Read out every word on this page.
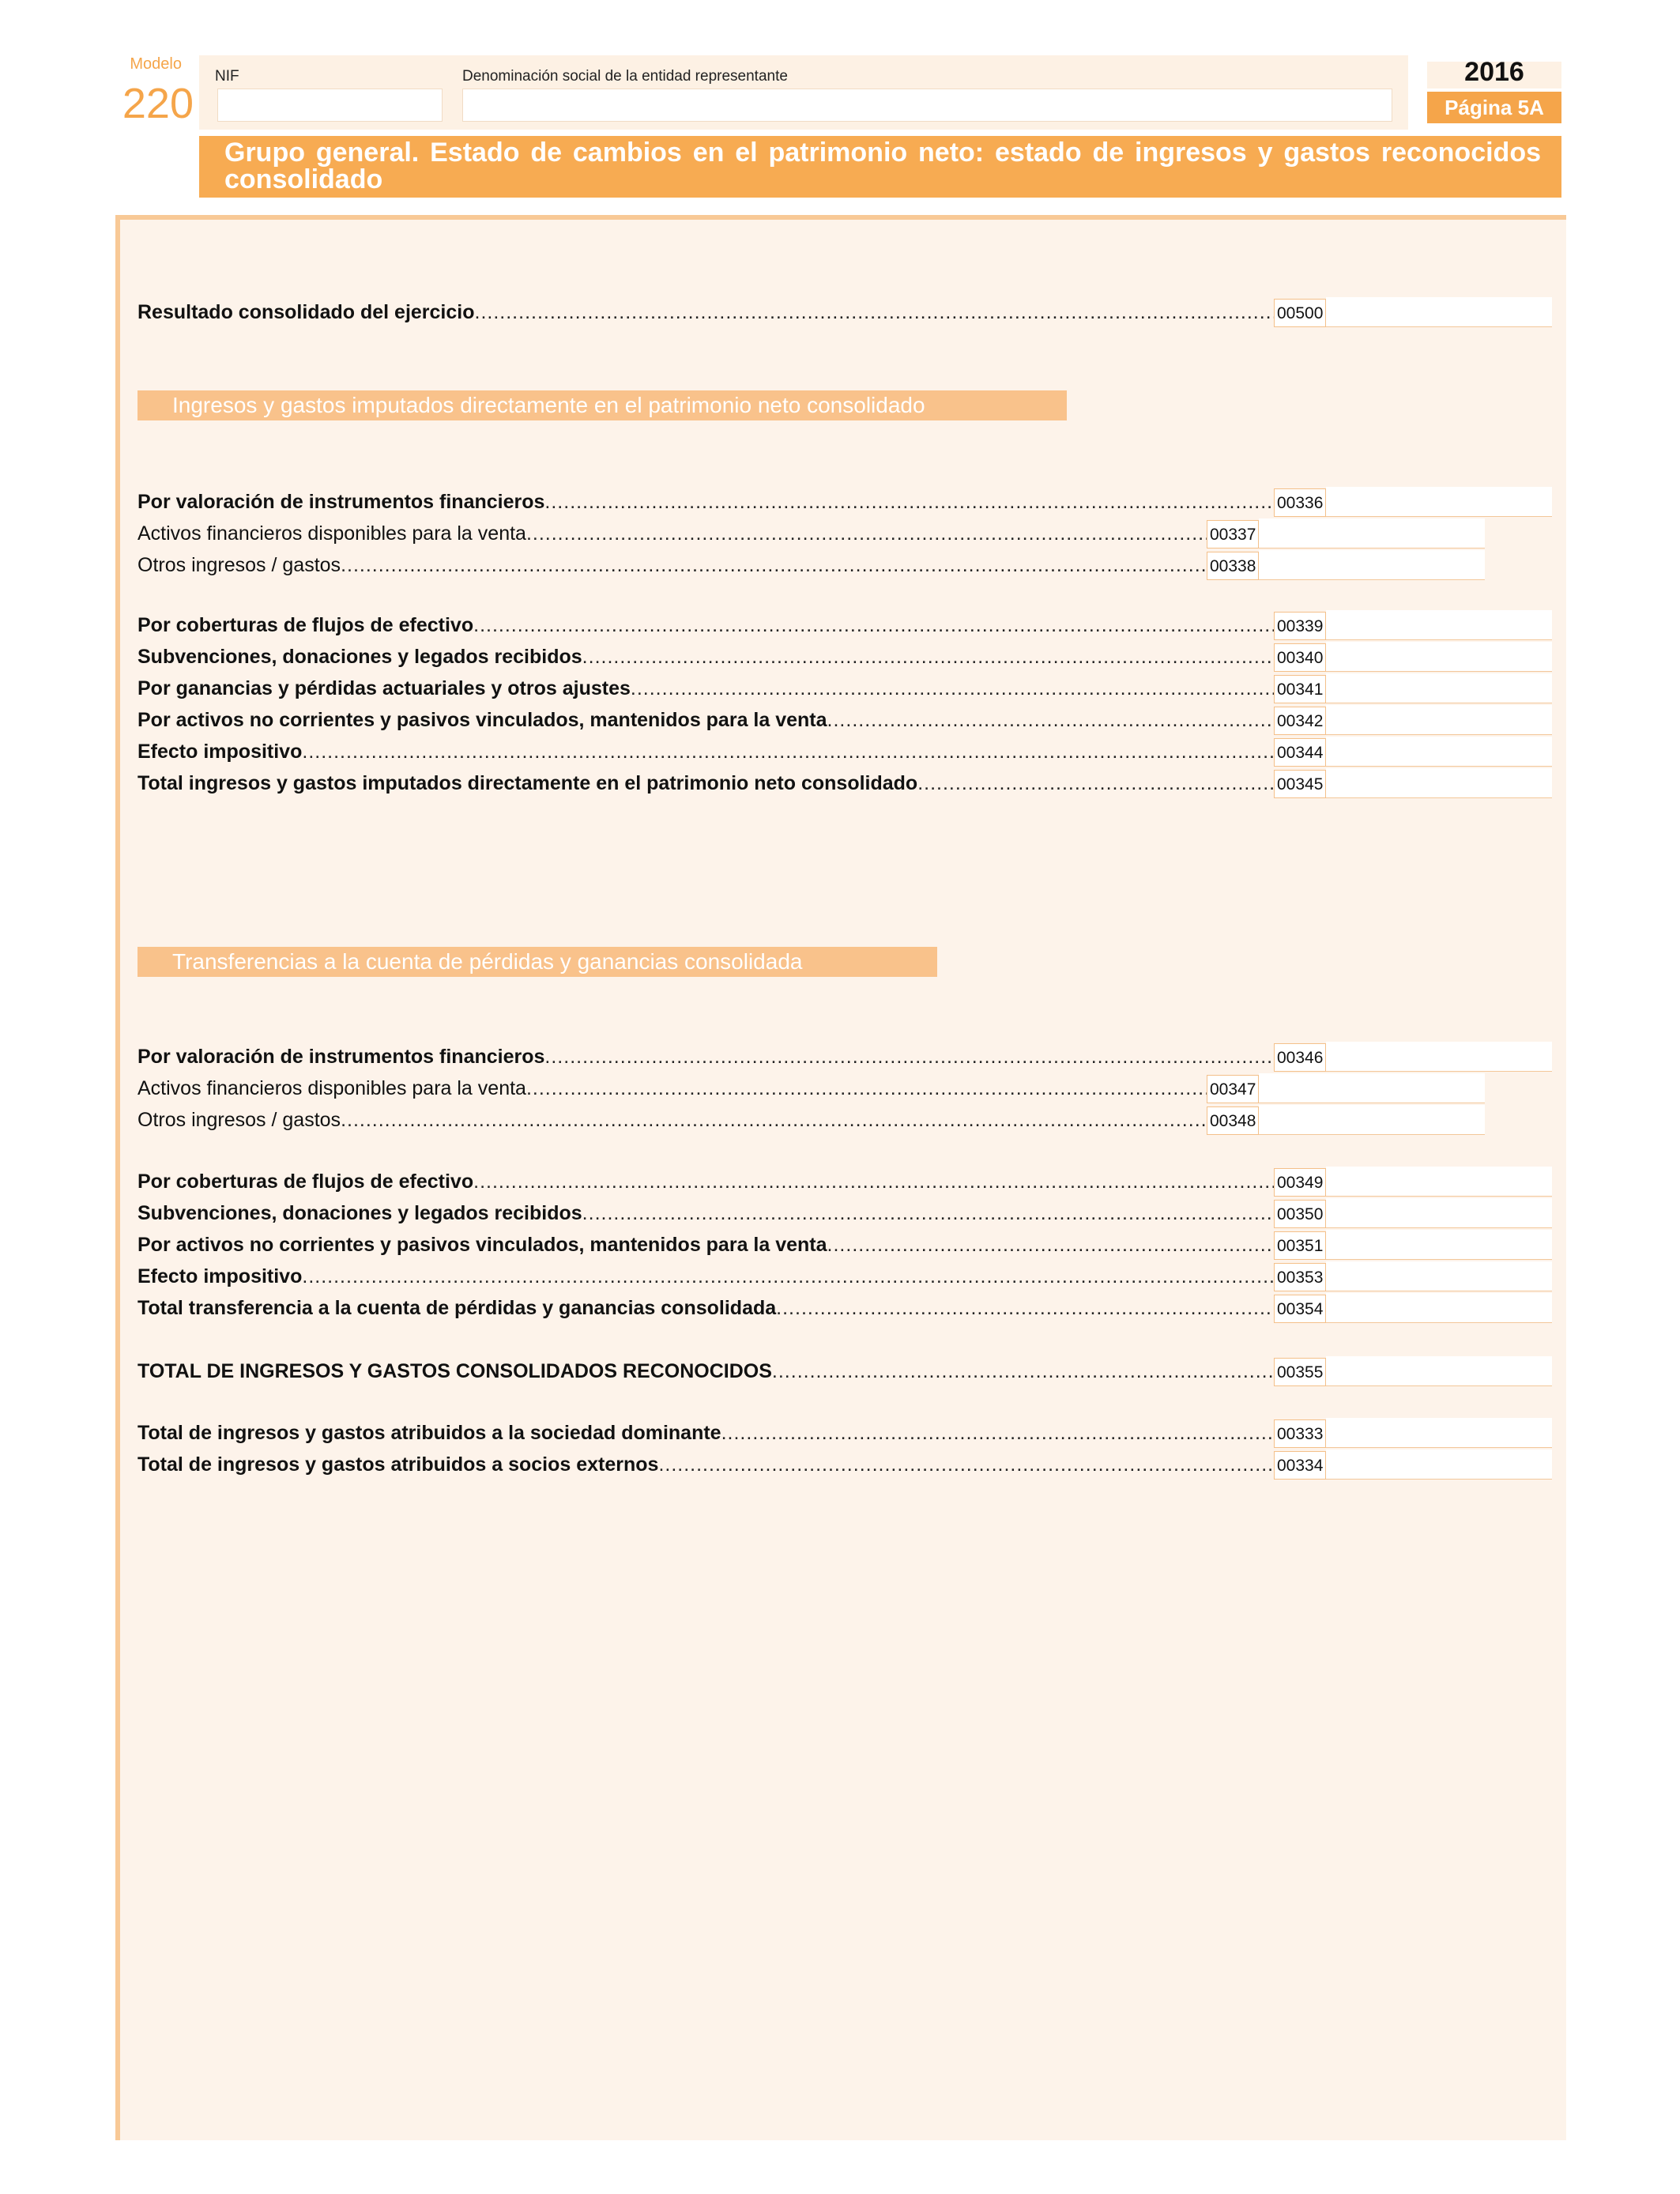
Modelo
220
NIF	Denominación social de la entidad representante	2016
Página 5A
Grupo general. Estado de cambios en el patrimonio neto: estado de ingresos y gastos reconocidos consolidado
Resultado consolidado del ejercicio .....	00500
Ingresos y gastos imputados directamente en el patrimonio neto consolidado
Por valoración de instrumentos financieros .....	00336
Activos financieros disponibles para la venta .....	00337
Otros ingresos / gastos .....	00338
Por coberturas de flujos de efectivo .....	00339
Subvenciones, donaciones y legados recibidos .....	00340
Por ganancias y pérdidas actuariales y otros ajustes .....	00341
Por activos no corrientes y pasivos vinculados, mantenidos para la venta .....	00342
Efecto impositivo .....	00344
Total ingresos y gastos imputados directamente en el patrimonio neto consolidado .....	00345
Transferencias a la cuenta de pérdidas y ganancias consolidada
Por valoración de instrumentos financieros .....	00346
Activos financieros disponibles para la venta .....	00347
Otros ingresos / gastos .....	00348
Por coberturas de flujos de efectivo .....	00349
Subvenciones, donaciones y legados recibidos .....	00350
Por activos no corrientes y pasivos vinculados, mantenidos para la venta .....	00351
Efecto impositivo .....	00353
Total transferencia a la cuenta de pérdidas y ganancias consolidada .....	00354
TOTAL DE INGRESOS Y GASTOS CONSOLIDADOS RECONOCIDOS .....	00355
Total de ingresos y gastos atribuidos a la sociedad dominante .....	00333
Total de ingresos y gastos atribuidos a socios externos .....	00334
